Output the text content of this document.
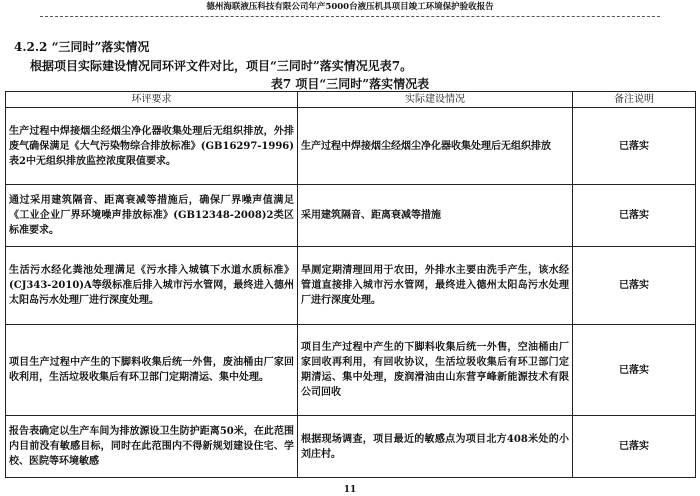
德州海联液压科技有限公司年产5000台液压机具项目竣工环境保护验收报告
4.2.2 “三同时”落实情况
根据项目实际建设情况同环评文件对比，项目“三同时”落实情况见表7。
表7 项目“三同时”落实情况表
环评要求	实际建设情况	备注说明
生产过程中焊接烟尘经烟尘净化器收集处理后无组织排放，外排废气确保满足《大气污染物综合排放标准》(GB16297-1996)表2中无组织排放监控浓度限值要求。	生产过程中焊接烟尘经烟尘净化器收集处理后无组织排放	已落实
通过采用建筑隔音、距离衰减等措施后，确保厂界噪声值满足《工业企业厂界环境噪声排放标准》(GB12348-2008)2类区标准要求。	采用建筑隔音、距离衰减等措施	已落实
生活污水经化粪池处理满足《污水排入城镇下水道水质标准》(CJ343-2010)A等级标准后排入城市污水管网，最终进入德州太阳岛污水处理厂进行深度处理。	旱厕定期清理回用于农田，外排水主要由洗手产生，该水经管道直接排入城市污水管网，最终进入德州太阳岛污水处理厂进行深度处理。	已落实
项目生产过程中产生的下脚料收集后统一外售，废油桶由厂家回收利用，生活垃圾收集后有环卫部门定期清运、集中处理。	项目生产过程中产生的下脚料收集后统一外售，空油桶由厂家回收再利用，有回收协议，生活垃圾收集后有环卫部门定期清运、集中处理，废润滑油由山东营亨峰新能源技术有限公司回收	已落实
报告表确定以生产车间为排放源设卫生防护距离50米，在此范围内目前没有敏感目标，同时在此范围内不得新规划建设住宅、学校、医院等环境敏感	根据现场调查，项目最近的敏感点为项目北方408米处的小刘庄村。	已落实
11
